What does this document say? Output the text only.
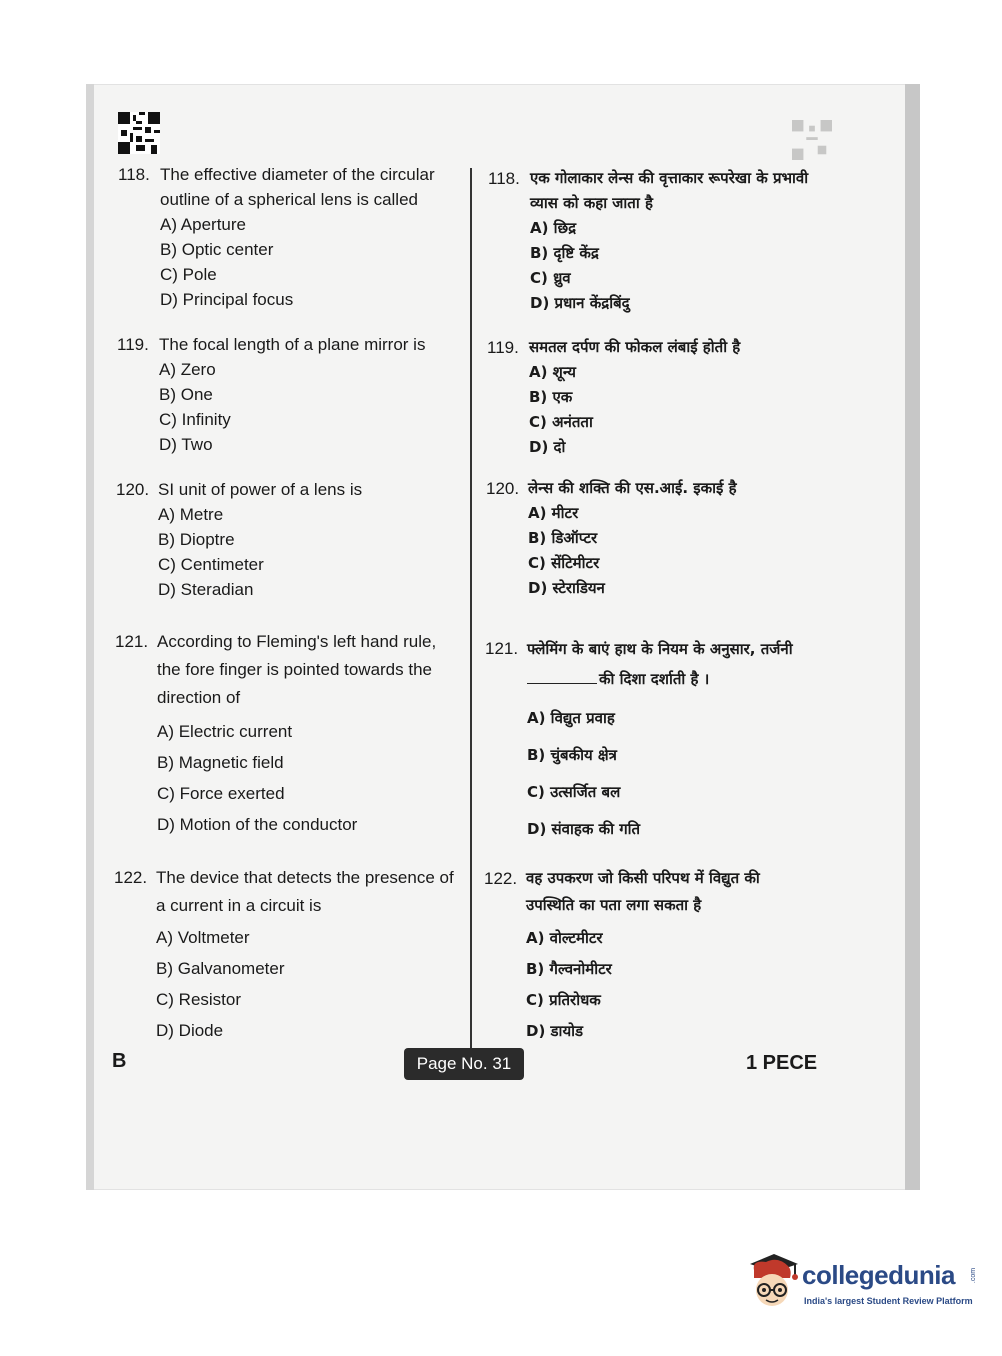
118. The effective diameter of the circular outline of a spherical lens is called
A) Aperture
B) Optic center
C) Pole
D) Principal focus
119. The focal length of a plane mirror is
A) Zero
B) One
C) Infinity
D) Two
120. SI unit of power of a lens is
A) Metre
B) Dioptre
C) Centimeter
D) Steradian
121. According to Fleming's left hand rule, the fore finger is pointed towards the direction of
A) Electric current
B) Magnetic field
C) Force exerted
D) Motion of the conductor
122. The device that detects the presence of a current in a circuit is
A) Voltmeter
B) Galvanometer
C) Resistor
D) Diode
118. एक गोलाकार लेन्स की वृत्ताकार रूपरेखा के प्रभावी व्यास को कहा जाता है
A) छिद्र
B) दृष्टि केंद्र
C) ध्रुव
D) प्रधान केंद्रबिंदु
119. समतल दर्पण की फोकल लंबाई होती है
A) शून्य
B) एक
C) अनंतता
D) दो
120. लेन्स की शक्ति की एस.आई. इकाई है
A) मीटर
B) डिऑप्टर
C) सेंटिमीटर
D) स्टेराडियन
121. फ्लेमिंग के बाएं हाथ के नियम के अनुसार, तर्जनी
की दिशा दर्शाती है ।
A) विद्युत प्रवाह
B) चुंबकीय क्षेत्र
C) उत्सर्जित बल
D) संवाहक की गति
122. वह उपकरण जो किसी परिपथ में विद्युत की उपस्थिति का पता लगा सकता है
A) वोल्टमीटर
B) गैल्वनोमीटर
C) प्रतिरोधक
D) डायोड
B	Page No. 31	1 PECE
collegedunia .com
India's largest Student Review Platform
